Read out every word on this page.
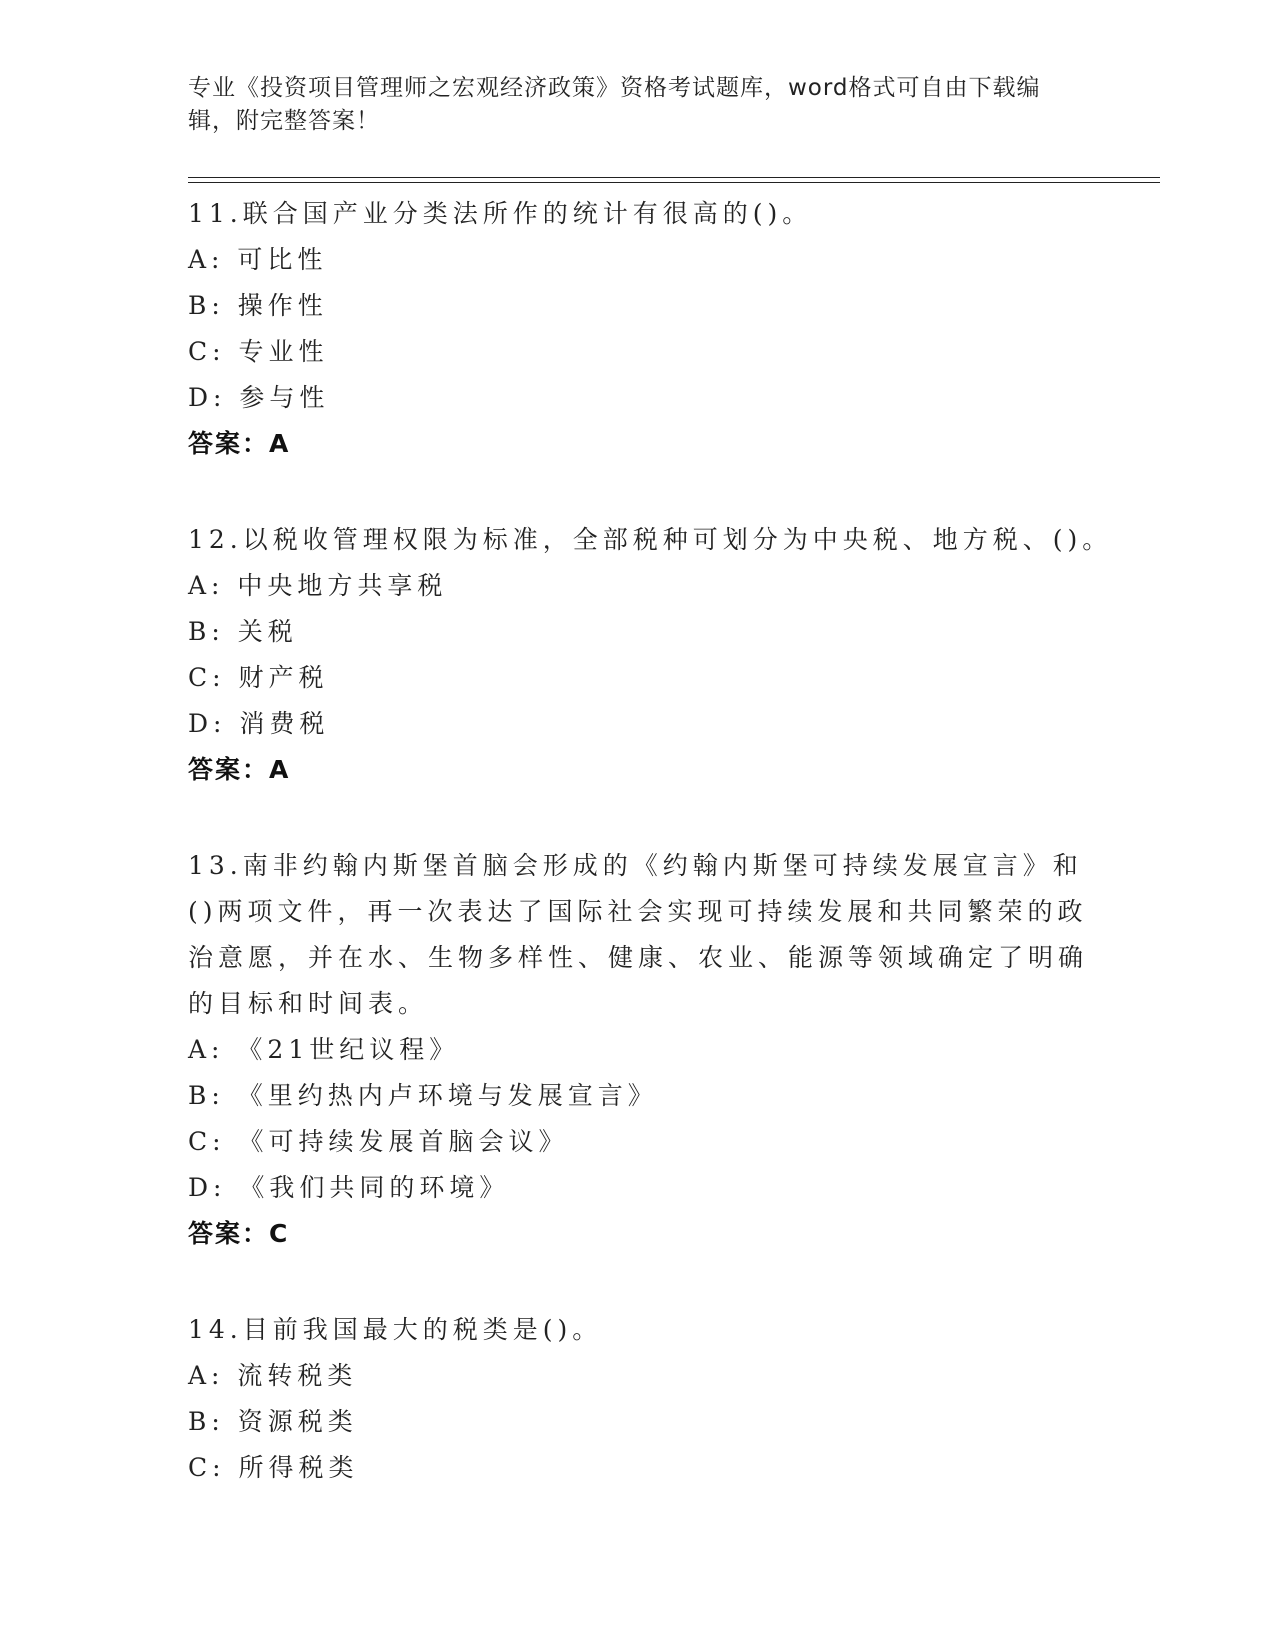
专业《投资项目管理师之宏观经济政策》资格考试题库，word格式可自由下载编辑，附完整答案！
11.联合国产业分类法所作的统计有很高的()。
A: 可比性
B: 操作性
C: 专业性
D: 参与性
答案：A
12.以税收管理权限为标准，全部税种可划分为中央税、地方税、()。
A: 中央地方共享税
B: 关税
C: 财产税
D: 消费税
答案：A
13.南非约翰内斯堡首脑会形成的《约翰内斯堡可持续发展宣言》和()两项文件，再一次表达了国际社会实现可持续发展和共同繁荣的政治意愿，并在水、生物多样性、健康、农业、能源等领域确定了明确的目标和时间表。
A: 《21世纪议程》
B: 《里约热内卢环境与发展宣言》
C: 《可持续发展首脑会议》
D: 《我们共同的环境》
答案：C
14.目前我国最大的税类是()。
A: 流转税类
B: 资源税类
C: 所得税类
